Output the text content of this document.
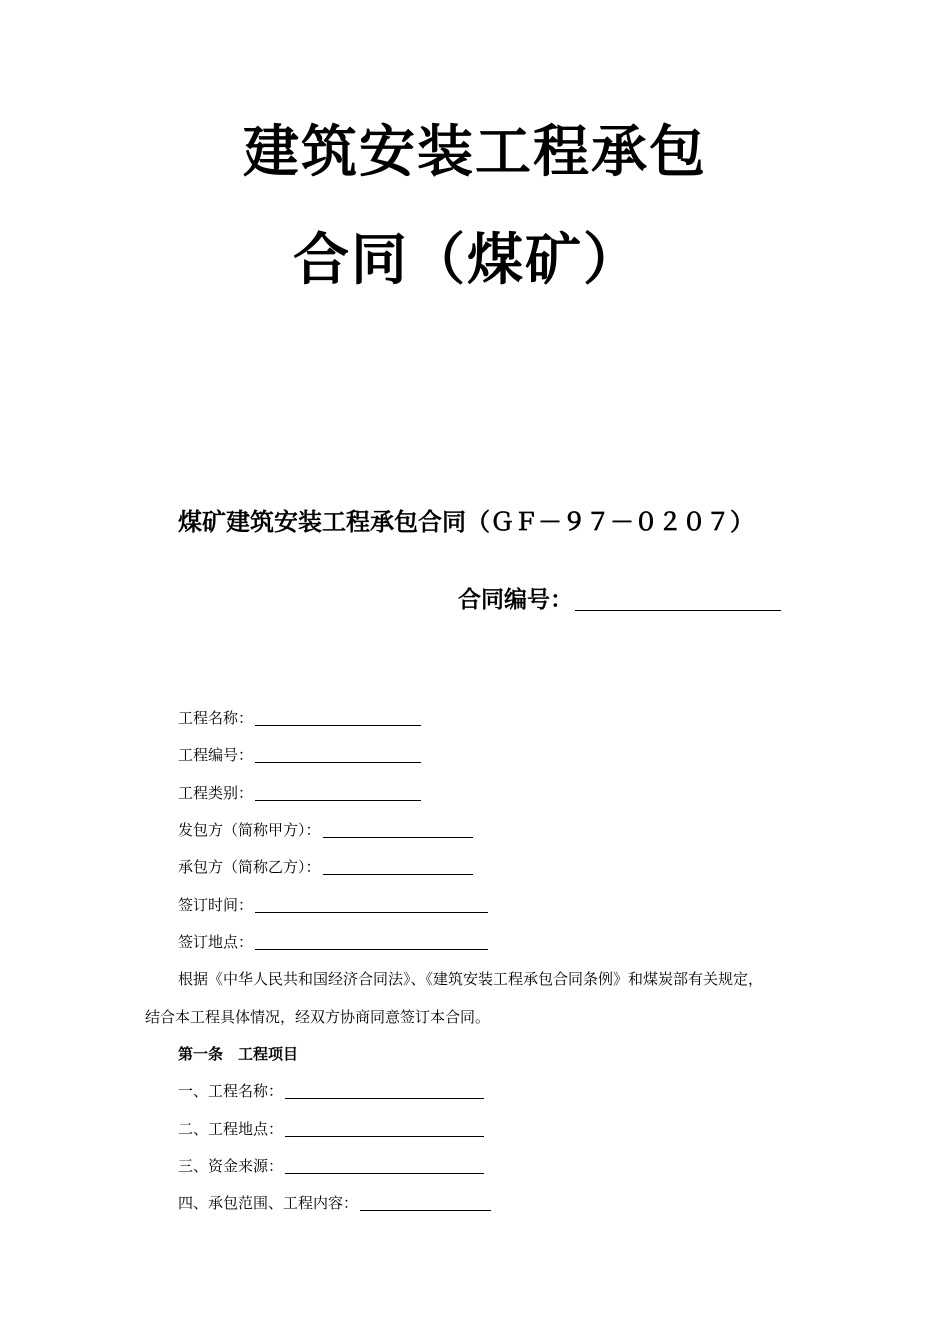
建筑安装工程承包
合同（煤矿）
煤矿建筑安装工程承包合同（ＧＦ－９７－０２０７）
合同编号：
工程名称：
工程编号：
工程类别：
发包方（简称甲方）：
承包方（简称乙方）：
签订时间：
签订地点：
根据《中华人民共和国经济合同法》、《建筑安装工程承包合同条例》和煤炭部有关规定，
结合本工程具体情况，经双方协商同意签订本合同。
第一条　工程项目
一、工程名称：
二、工程地点：
三、资金来源：
四、承包范围、工程内容：
